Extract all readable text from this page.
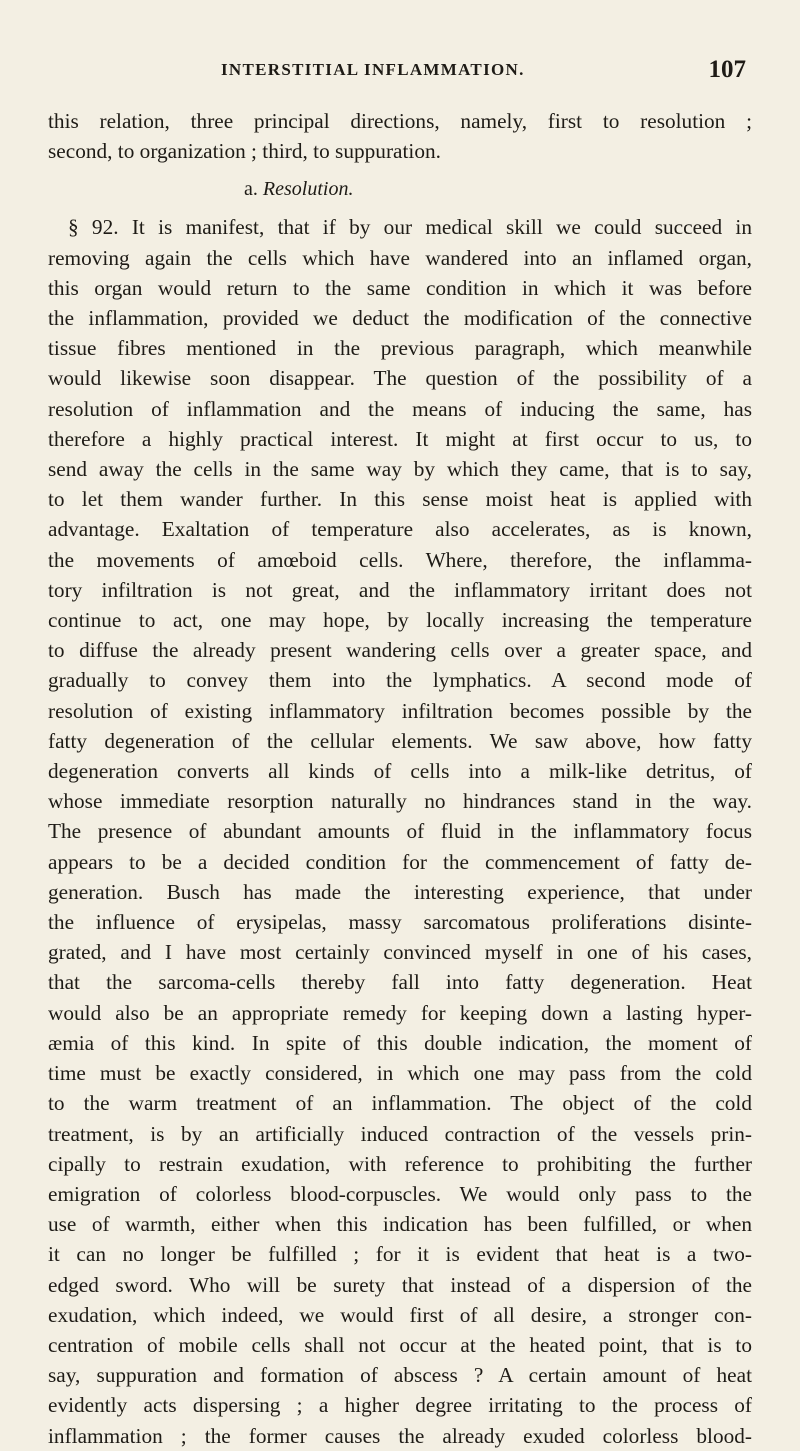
INTERSTITIAL INFLAMMATION.	107
this relation, three principal directions, namely, first to resolution ;
second, to organization ; third, to suppuration.
a. Resolution.
§ 92. It is manifest, that if by our medical skill we could succeed in
removing again the cells which have wandered into an inflamed organ,
this organ would return to the same condition in which it was before
the inflammation, provided we deduct the modification of the connective
tissue fibres mentioned in the previous paragraph, which meanwhile
would likewise soon disappear. The question of the possibility of a
resolution of inflammation and the means of inducing the same, has
therefore a highly practical interest. It might at first occur to us, to
send away the cells in the same way by which they came, that is to say,
to let them wander further. In this sense moist heat is applied with
advantage. Exaltation of temperature also accelerates, as is known,
the movements of amœboid cells. Where, therefore, the inflamma-
tory infiltration is not great, and the inflammatory irritant does not
continue to act, one may hope, by locally increasing the temperature
to diffuse the already present wandering cells over a greater space, and
gradually to convey them into the lymphatics. A second mode of
resolution of existing inflammatory infiltration becomes possible by the
fatty degeneration of the cellular elements. We saw above, how fatty
degeneration converts all kinds of cells into a milk-like detritus, of
whose immediate resorption naturally no hindrances stand in the way.
The presence of abundant amounts of fluid in the inflammatory focus
appears to be a decided condition for the commencement of fatty de-
generation. Busch has made the interesting experience, that under
the influence of erysipelas, massy sarcomatous proliferations disinte-
grated, and I have most certainly convinced myself in one of his cases,
that the sarcoma-cells thereby fall into fatty degeneration. Heat
would also be an appropriate remedy for keeping down a lasting hyper-
æmia of this kind. In spite of this double indication, the moment of
time must be exactly considered, in which one may pass from the cold
to the warm treatment of an inflammation. The object of the cold
treatment, is by an artificially induced contraction of the vessels prin-
cipally to restrain exudation, with reference to prohibiting the further
emigration of colorless blood-corpuscles. We would only pass to the
use of warmth, either when this indication has been fulfilled, or when
it can no longer be fulfilled ; for it is evident that heat is a two-
edged sword. Who will be surety that instead of a dispersion of the
exudation, which indeed, we would first of all desire, a stronger con-
centration of mobile cells shall not occur at the heated point, that is to
say, suppuration and formation of abscess ? A certain amount of heat
evidently acts dispersing ; a higher degree irritating to the process of
inflammation ; the former causes the already exuded colorless blood-
